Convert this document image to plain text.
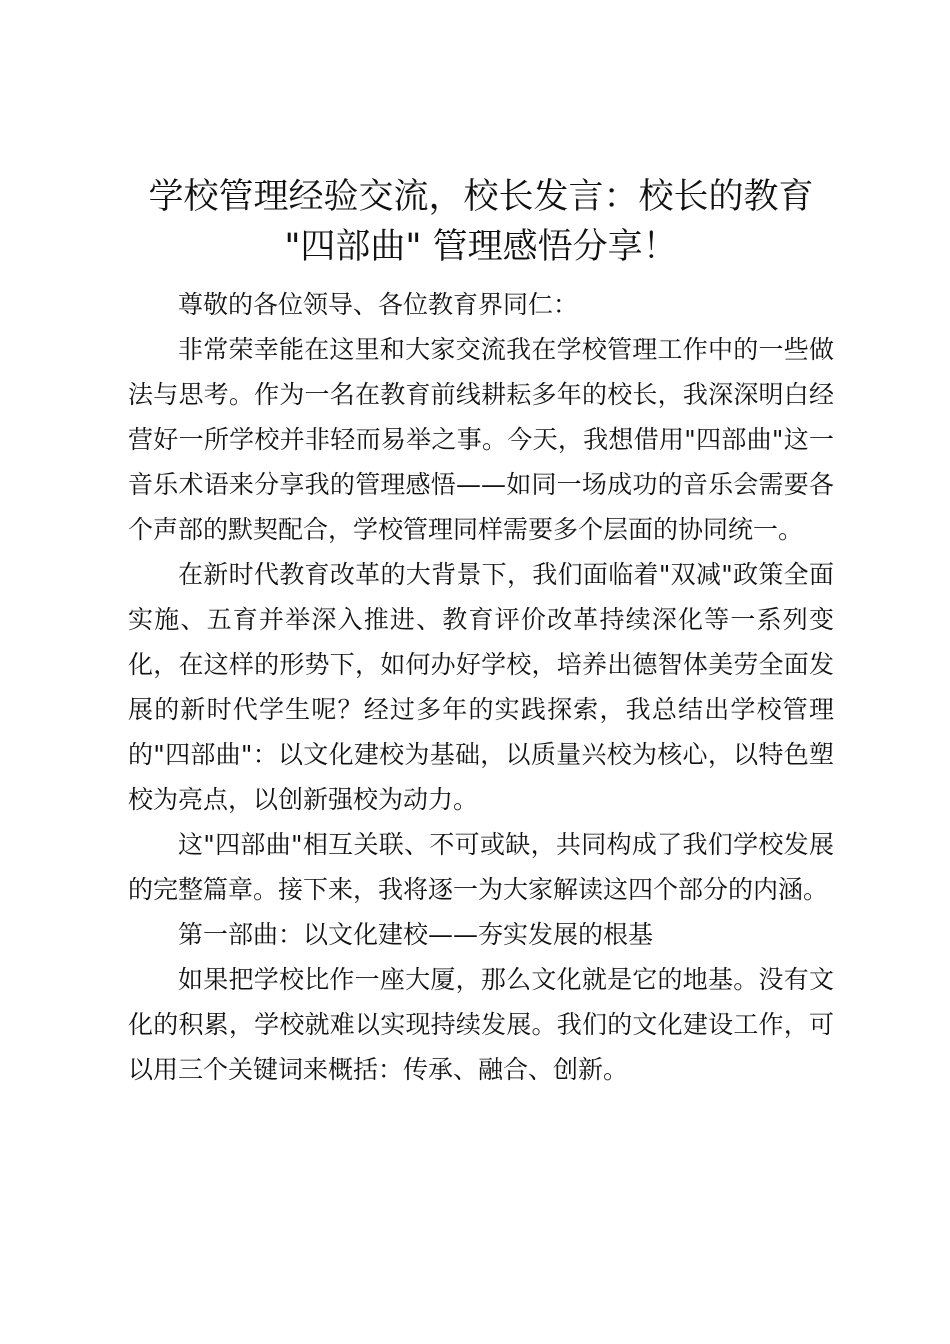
学校管理经验交流，校长发言：校长的教育
"四部曲" 管理感悟分享！

尊敬的各位领导、各位教育界同仁：

非常荣幸能在这里和大家交流我在学校管理工作中的一些做法与思考。作为一名在教育前线耕耘多年的校长，我深深明白经营好一所学校并非轻而易举之事。今天，我想借用"四部曲"这一音乐术语来分享我的管理感悟——如同一场成功的音乐会需要各个声部的默契配合，学校管理同样需要多个层面的协同统一。

在新时代教育改革的大背景下，我们面临着"双减"政策全面实施、五育并举深入推进、教育评价改革持续深化等一系列变化，在这样的形势下，如何办好学校，培养出德智体美劳全面发展的新时代学生呢？经过多年的实践探索，我总结出学校管理的"四部曲"：以文化建校为基础，以质量兴校为核心，以特色塑校为亮点，以创新强校为动力。

这"四部曲"相互关联、不可或缺，共同构成了我们学校发展的完整篇章。接下来，我将逐一为大家解读这四个部分的内涵。

第一部曲：以文化建校——夯实发展的根基

如果把学校比作一座大厦，那么文化就是它的地基。没有文化的积累，学校就难以实现持续发展。我们的文化建设工作，可以用三个关键词来概括：传承、融合、创新。
